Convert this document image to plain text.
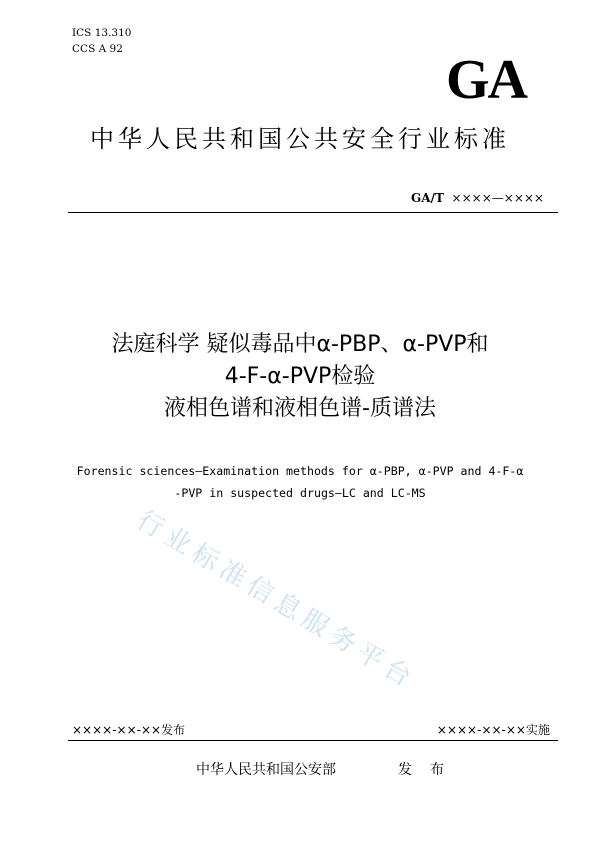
ICS 13.310
CCS A 92	GA
中华人民共和国公共安全行业标准
GA/T  ××××—××××
法庭科学 疑似毒品中α-PBP、α-PVP和
4-F-α-PVP检验
液相色谱和液相色谱-质谱法
Forensic sciences—Examination methods for α-PBP, α-PVP and 4-F-α
-PVP in suspected drugs—LC and LC-MS
行业标准信息服务平台
××××-××-××发布	××××-××-××实施
中华人民共和国公安部	发布
